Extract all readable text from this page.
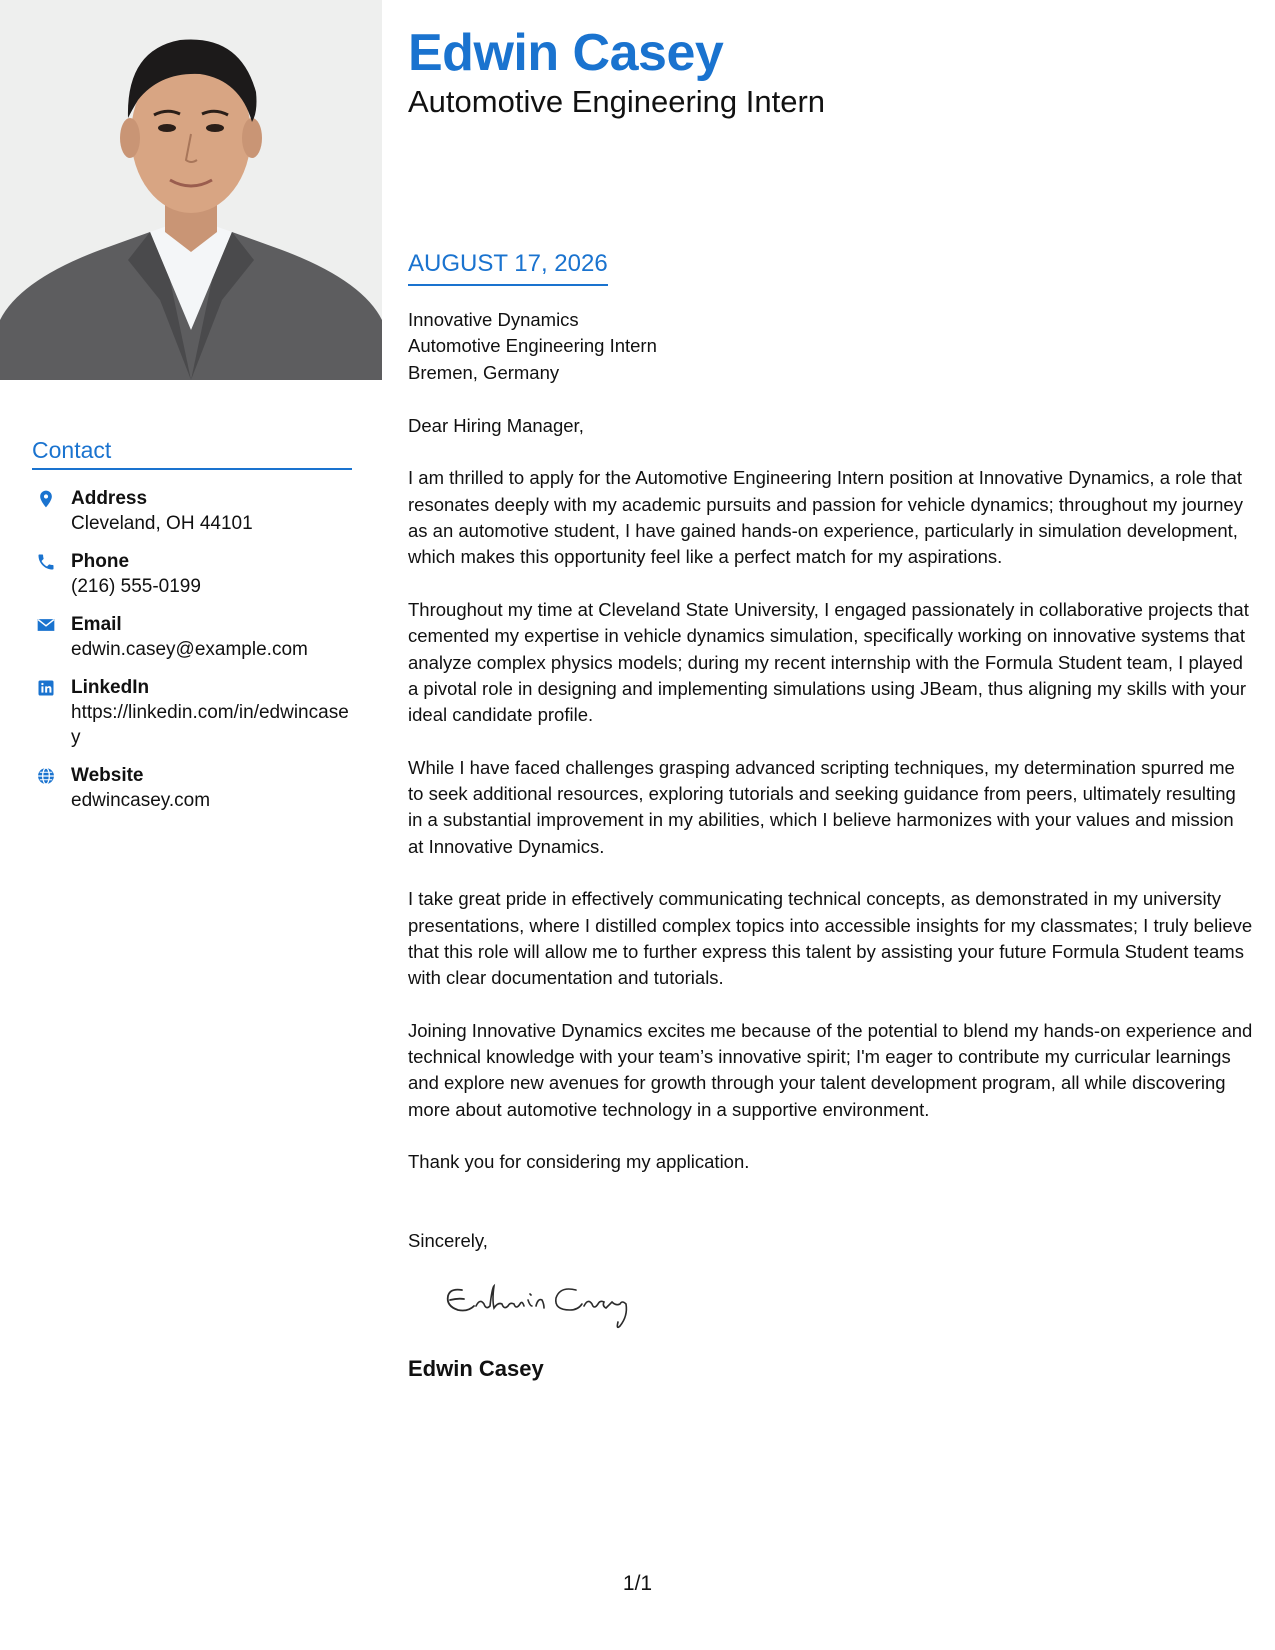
Contact
Address
Cleveland, OH 44101
Phone
(216) 555-0199
Email
edwin.casey@example.com
LinkedIn
https://linkedin.com/in/edwincasey
Website
edwincasey.com
Edwin Casey
Automotive Engineering Intern
AUGUST 17, 2026
Innovative Dynamics
Automotive Engineering Intern
Bremen, Germany

Dear Hiring Manager,

I am thrilled to apply for the Automotive Engineering Intern position at Innovative Dynamics, a role that resonates deeply with my academic pursuits and passion for vehicle dynamics; throughout my journey as an automotive student, I have gained hands-on experience, particularly in simulation development, which makes this opportunity feel like a perfect match for my aspirations.

Throughout my time at Cleveland State University, I engaged passionately in collaborative projects that cemented my expertise in vehicle dynamics simulation, specifically working on innovative systems that analyze complex physics models; during my recent internship with the Formula Student team, I played a pivotal role in designing and implementing simulations using JBeam, thus aligning my skills with your ideal candidate profile.

While I have faced challenges grasping advanced scripting techniques, my determination spurred me to seek additional resources, exploring tutorials and seeking guidance from peers, ultimately resulting in a substantial improvement in my abilities, which I believe harmonizes with your values and mission at Innovative Dynamics.

I take great pride in effectively communicating technical concepts, as demonstrated in my university presentations, where I distilled complex topics into accessible insights for my classmates; I truly believe that this role will allow me to further express this talent by assisting your future Formula Student teams with clear documentation and tutorials.

Joining Innovative Dynamics excites me because of the potential to blend my hands-on experience and technical knowledge with your team’s innovative spirit; I'm eager to contribute my curricular learnings and explore new avenues for growth through your talent development program, all while discovering more about automotive technology in a supportive environment.

Thank you for considering my application.

Sincerely,
Edwin Casey
1/1
